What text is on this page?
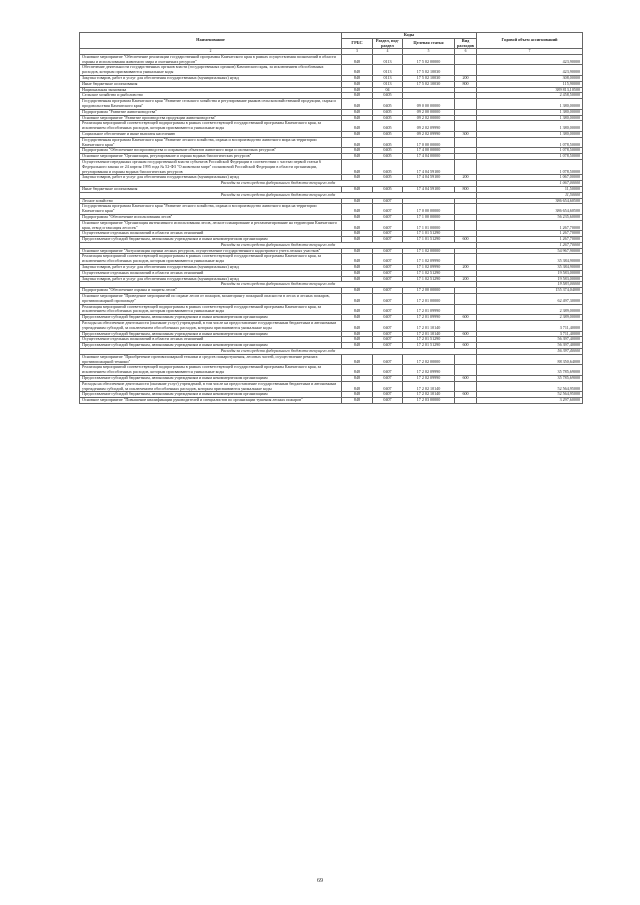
Наименование	Коды				Годовой объем ассигнований
	ГРБС	Раздел, под-раздел	Целевая статья	Вид расходов	
2	3	4	5	6	7
Основное мероприятие "Обеспечение реализации государственной программы Камчатского края в рамках осуществления полномочий в области охраны и использования животного мира и охотничьих ресурсов"	848	0113	17 5 02 00000		423,90000
Обеспечение деятельности государственных органов власти (государственных органов) Камчатского края, за исключением обособленных расходов, которым присваиваются уникальные коды	848	0113	17 5 02 10030		423,90000
Закупка товаров, работ и услуг для обеспечения государственных (муниципальных) нужд	848	0113	17 5 02 10030	200	308,00000
Иные бюджетные ассигнования	848	0113	17 5 02 10030	800	115,90000
Национальная экономика	848	04			389 813,10500
Сельское хозяйство и рыболовство	848	0405			2 458,50000
Государственная программа Камчатского края "Развитие сельского хозяйства и регулирование рынков сельскохозяйственной продукции, сырья и продовольствия Камчатского края"	848	0405	09 0 00 00000		1 380,00000
Подпрограмма "Развитие животноводства"	848	0405	09 2 00 00000		1 380,00000
Основное мероприятие "Развитие производства продукции животноводства"	848	0405	09 2 02 00000		1 380,00000
Реализация мероприятий соответствующей подпрограммы в рамках соответствующей государственной программы Камчатского края, за исключением обособленных расходов, которым присваиваются уникальные коды	848	0405	09 2 02 09990		1 380,00000
Социальное обеспечение и иные выплаты населению	848	0405	09 2 02 09990	300	1 380,00000
Государственная программа Камчатского края "Развитие лесного хозяйства, охрана и воспроизводство животного мира на территории Камчатского края"	848	0405	17 0 00 00000		1 078,50000
Подпрограмма "Обеспечение воспроизводства и сохранение объектов животного мира и охотничьих ресурсов"	848	0405	17 4 00 00000		1 078,50000
Основное мероприятие "Организация, регулирование и охрана водных биологических ресурсов"	848	0405	17 4 04 00000		1 078,50000
Осуществление переданных органам государственной власти субъектов Российской Федерации в соответствии с частью первой статьи 6 Федерального закона от 24 апреля 1995 года № 52-ФЗ "О животном мире" полномочий Российской Федерации в области организации, регулирования и охраны водных биологических ресурсов	848	0405	17 4 04 59100		1 078,50000
Закупка товаров, работ и услуг для обеспечения государственных (муниципальных) нужд	848	0405	17 4 04 59100	200	1 067,00000
Расходы за счет средств федерального бюджета текущего года					1 067,00000
Иные бюджетные ассигнования	848	0405	17 4 04 59100	800	11,50000
Расходы за счет средств федерального бюджета текущего года					11,50000
Лесное хозяйство	848	0407			386 654,60500
Государственная программа Камчатского края "Развитие лесного хозяйства, охрана и воспроизводство животного мира на территории Камчатского края"	848	0407	17 0 00 00000		386 654,60500
Подпрограмма "Обеспечение использования лесов"	848	0407	17 1 00 00000		56 235,60000
Основное мероприятие "Организация интенсивного использования лесов, лесное планирование и регламентирование на территории Камчатского края, отвод и таксация лесосек"	848	0407	17 1 01 00000		1 267,70000
Осуществление отдельных полномочий в области лесных отношений	848	0407	17 1 01 51290		1 267,70000
Предоставление субсидий бюджетным, автономным учреждениям и иным некоммерческим организациям	848	0407	17 1 01 51290	600	1 267,70000
Расходы за счет средств федерального бюджета текущего года					1 267,70000
Основное мероприятие "Актуализация оценки лесных ресурсов, осуществление государственного кадастрового учета лесных участков"	848	0407	17 1 02 00000		54 967,90000
Реализация мероприятий соответствующей подпрограммы в рамках соответствующей государственной программы Камчатского края, за исключением обособленных расходов, которым присваиваются уникальные коды	848	0407	17 1 02 09990		35 384,90000
Закупка товаров, работ и услуг для обеспечения государственных (муниципальных) нужд	848	0407	17 1 02 09990	200	35 384,90000
Осуществление отдельных полномочий в области лесных отношений	848	0407	17 1 02 51290		19 583,00000
Закупка товаров, работ и услуг для обеспечения государственных (муниципальных) нужд	848	0407	17 1 02 51290	200	19 583,00000
Расходы за счет средств федерального бюджета текущего года					19 583,00000
Подпрограмма "Обеспечение охраны и защиты лесов"	848	0407	17 2 00 00000		155 374,04000
Основное мероприятие "Проведение мероприятий по охране лесов от пожаров, мониторингу пожарной опасности в лесах и лесных пожаров, противопожарной пропаганде"	848	0407	17 2 01 00000		62 497,30000
Реализация мероприятий соответствующей подпрограммы в рамках соответствующей государственной программы Камчатского края, за исключением обособленных расходов, которым присваиваются уникальные коды	848	0407	17 2 01 09990		2 389,00000
Предоставление субсидий бюджетным, автономным учреждениям и иным некоммерческим организациям	848	0407	17 2 01 09990	600	2 389,00000
Расходы на обеспечение деятельности (оказание услуг) учреждений, в том числе на предоставление государственным бюджетным и автономным учреждениям субсидий, за исключением обособленных расходов, которым присваиваются уникальные коды	848	0407	17 2 01 10140		3 711,40000
Предоставление субсидий бюджетным, автономным учреждениям и иным некоммерческим организациям	848	0407	17 2 01 10140	600	3 711,40000
Осуществление отдельных полномочий в области лесных отношений	848	0407	17 2 01 51290		56 397,40000
Предоставление субсидий бюджетным, автономным учреждениям и иным некоммерческим организациям	848	0407	17 2 01 51290	600	56 397,40000
Расходы за счет средств федерального бюджета текущего года					56 397,40000
Основное мероприятие "Приобретение противопожарной техники и средств пожаротушения, лесовых частей, осуществление ремонта противопожарной техники"	848	0407	17 2 02 00000		88 350,64000
Реализация мероприятий соответствующей подпрограммы в рамках соответствующей государственной программы Камчатского края, за исключением обособленных расходов, которым присваиваются уникальные коды	848	0407	17 2 02 09990		35 785,69000
Предоставление субсидий бюджетным, автономным учреждениям и иным некоммерческим организациям	848	0407	17 2 02 09990	600	35 785,69000
Расходы на обеспечение деятельности (оказание услуг) учреждений, в том числе на предоставление государственным бюджетным и автономным учреждениям субсидий, за исключением обособленных расходов, которым присваиваются уникальные коды	848	0407	17 2 02 10140		52 564,95000
Предоставление субсидий бюджетным, автономным учреждениям и иным некоммерческим организациям	848	0407	17 2 02 10140	600	52 564,95000
Основное мероприятие "Повышение квалификации руководителей и специалистов по организации тушения лесных пожаров"	848	0407	17 2 03 00000		3 297,60000
69
